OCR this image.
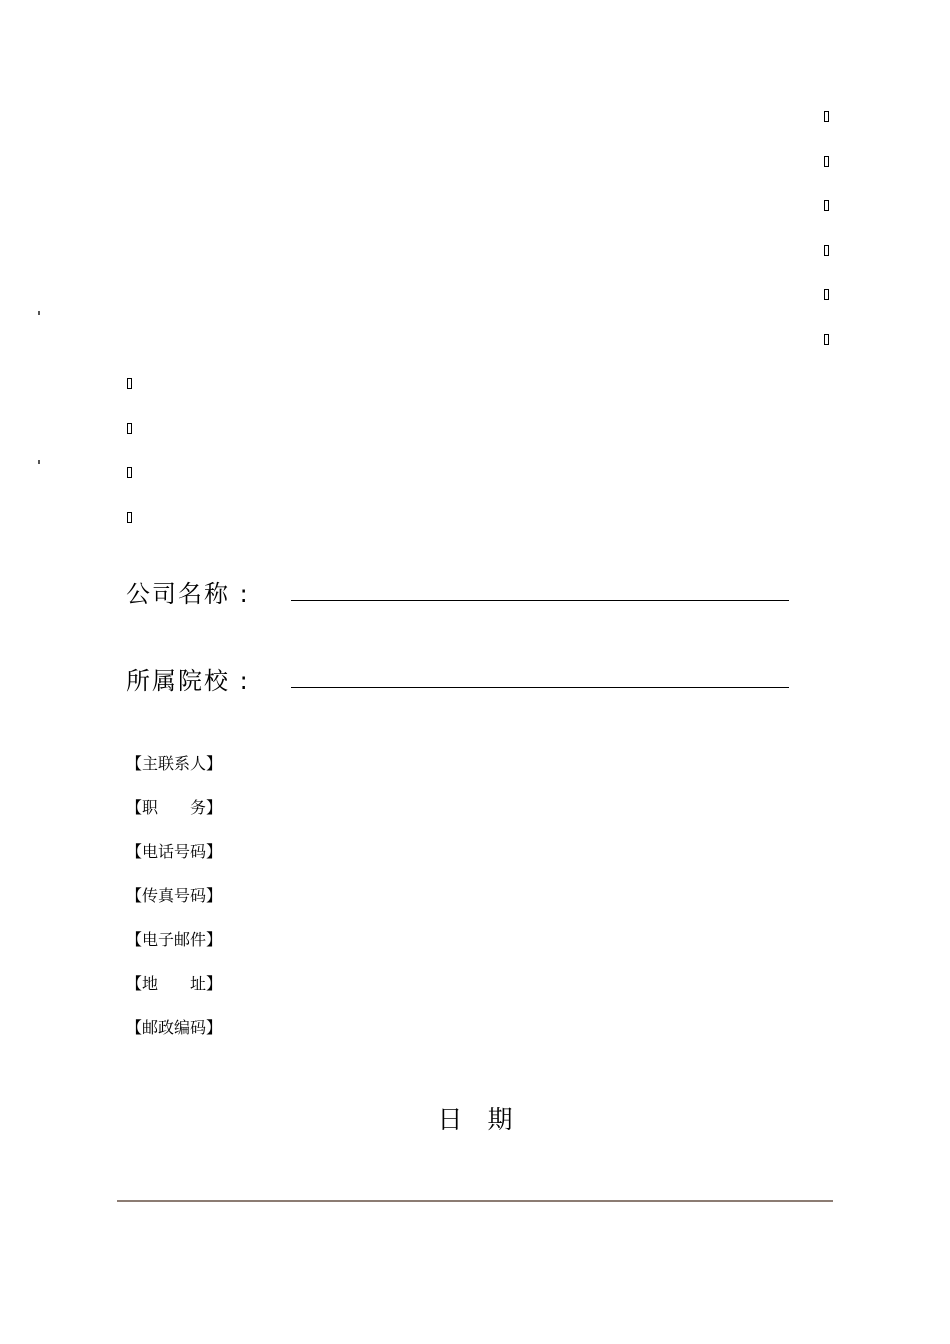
公司名称 :
所属院校 :
【主联系人】
【职　　务】
【电话号码】
【传真号码】
【电子邮件】
【地　　址】
【邮政编码】
日　期
